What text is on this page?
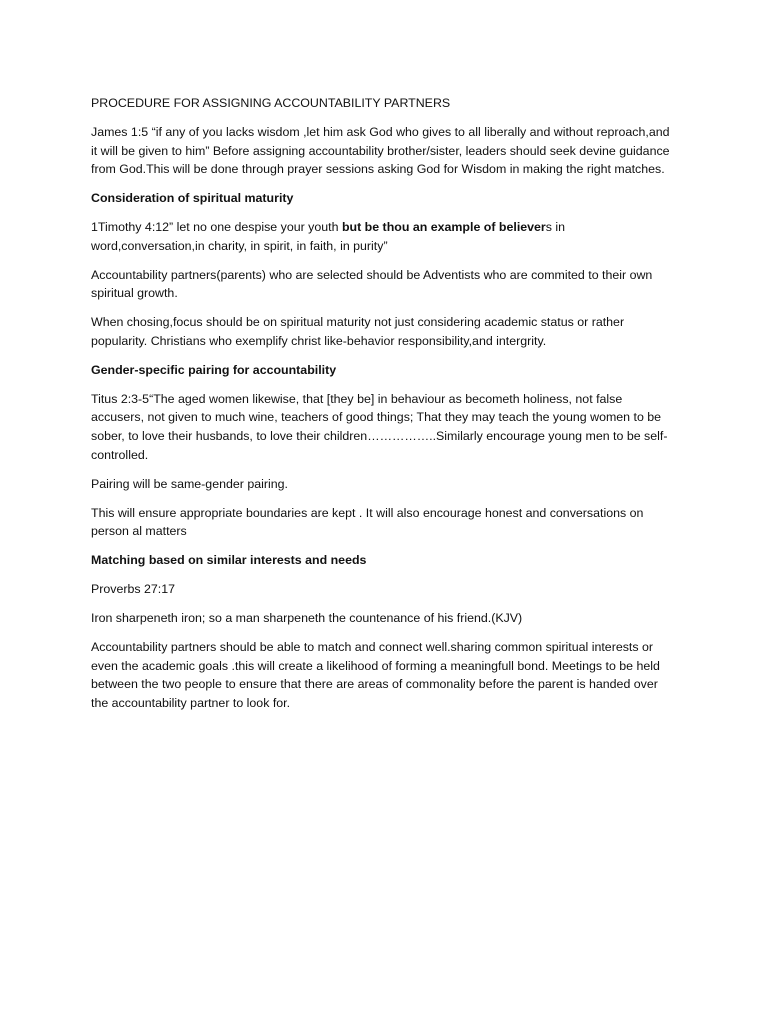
PROCEDURE FOR ASSIGNING ACCOUNTABILITY PARTNERS

James 1:5 “if any of you lacks wisdom ,let him ask God who gives to all liberally and without reproach,and it will be given to him” Before assigning accountability brother/sister, leaders should seek devine guidance from God.This will be done through prayer sessions asking God for Wisdom in making the right matches.

Consideration of spiritual maturity

1Timothy 4:12” let no one despise your youth but be thou an example of believers in word,conversation,in charity, in spirit, in faith, in purity”

Accountability partners(parents) who are selected should be Adventists who are commited to their own spiritual growth.

When chosing,focus should be on spiritual maturity not just considering academic status or rather popularity. Christians who exemplify christ like-behavior responsibility,and intergrity.

Gender-specific pairing for accountability

Titus 2:3-5“The aged women likewise, that [they be] in behaviour as becometh holiness, not false accusers, not given to much wine, teachers of good things; That they may teach the young women to be sober, to love their husbands, to love their children……………..Similarly encourage young men to be self-controlled.

Pairing will be same-gender pairing.

This will ensure appropriate boundaries are kept . It will also encourage honest and conversations on person al matters

Matching based on similar interests and needs

Proverbs 27:17

Iron sharpeneth iron; so a man sharpeneth the countenance of his friend.(KJV)

Accountability partners should be able to match and connect well.sharing common spiritual interests or even the academic goals .this will create a likelihood of forming a meaningfull bond. Meetings to be held between the two people to ensure that there are areas of commonality before the parent is handed over the accountability partner to look for.
